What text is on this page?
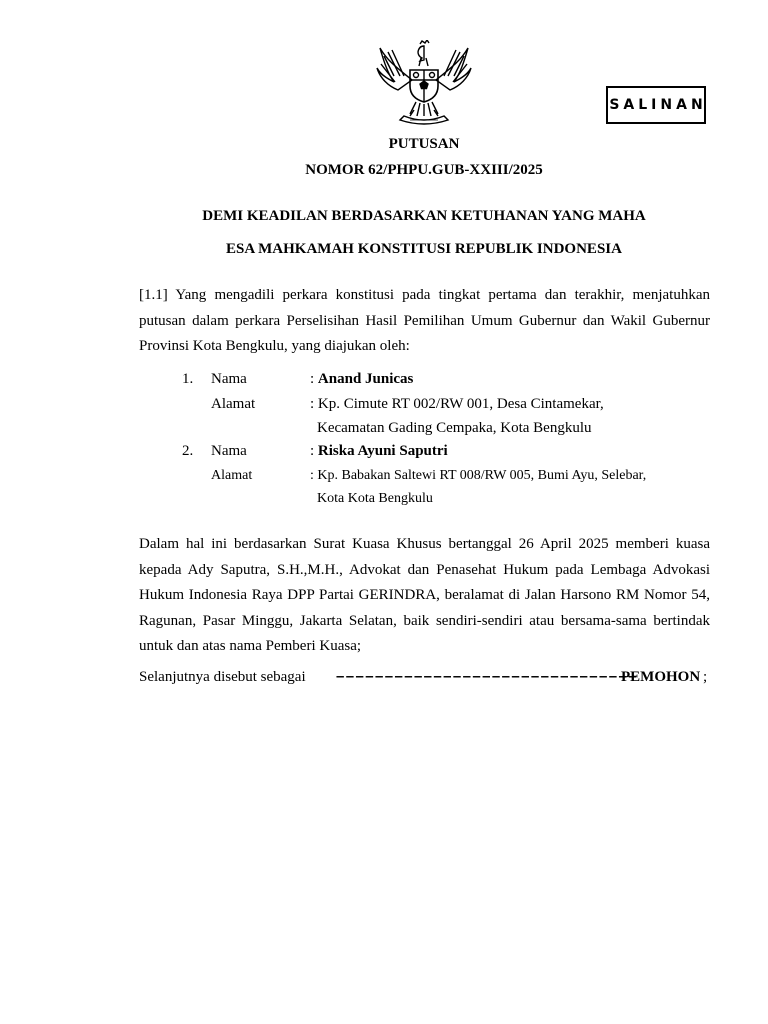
SALINAN
PUTUSAN
NOMOR 62/PHPU.GUB-XXIII/2025
DEMI KEADILAN BERDASARKAN KETUHANAN YANG MAHA
ESA MAHKAMAH KONSTITUSI REPUBLIK INDONESIA
[1.1] Yang mengadili perkara konstitusi pada tingkat pertama dan terakhir, menjatuhkan putusan dalam perkara Perselisihan Hasil Pemilihan Umum Gubernur dan Wakil Gubernur Provinsi Kota Bengkulu, yang diajukan oleh:
1. Nama	: Anand Junicas
Alamat	: Kp. Cimute RT 002/RW 001, Desa Cintamekar,
Kecamatan Gading Cempaka, Kota Bengkulu
2. Nama	: Riska Ayuni Saputri
Alamat	: Kp. Babakan Saltewi RT 008/RW 005, Bumi Ayu, Selebar,
Kota Kota Bengkulu
Dalam hal ini berdasarkan Surat Kuasa Khusus bertanggal 26 April 2025 memberi kuasa kepada Ady Saputra, S.H.,M.H., Advokat dan Penasehat Hukum pada Lembaga Advokasi Hukum Indonesia Raya DPP Partai GERINDRA, beralamat di Jalan Harsono RM Nomor 54, Ragunan, Pasar Minggu, Jakarta Selatan, baik sendiri-sendiri atau bersama-sama bertindak untuk dan atas nama Pemberi Kuasa;
Selanjutnya disebut sebagai –––––––––––––––––––––––––––––––
PEMOHON ;
